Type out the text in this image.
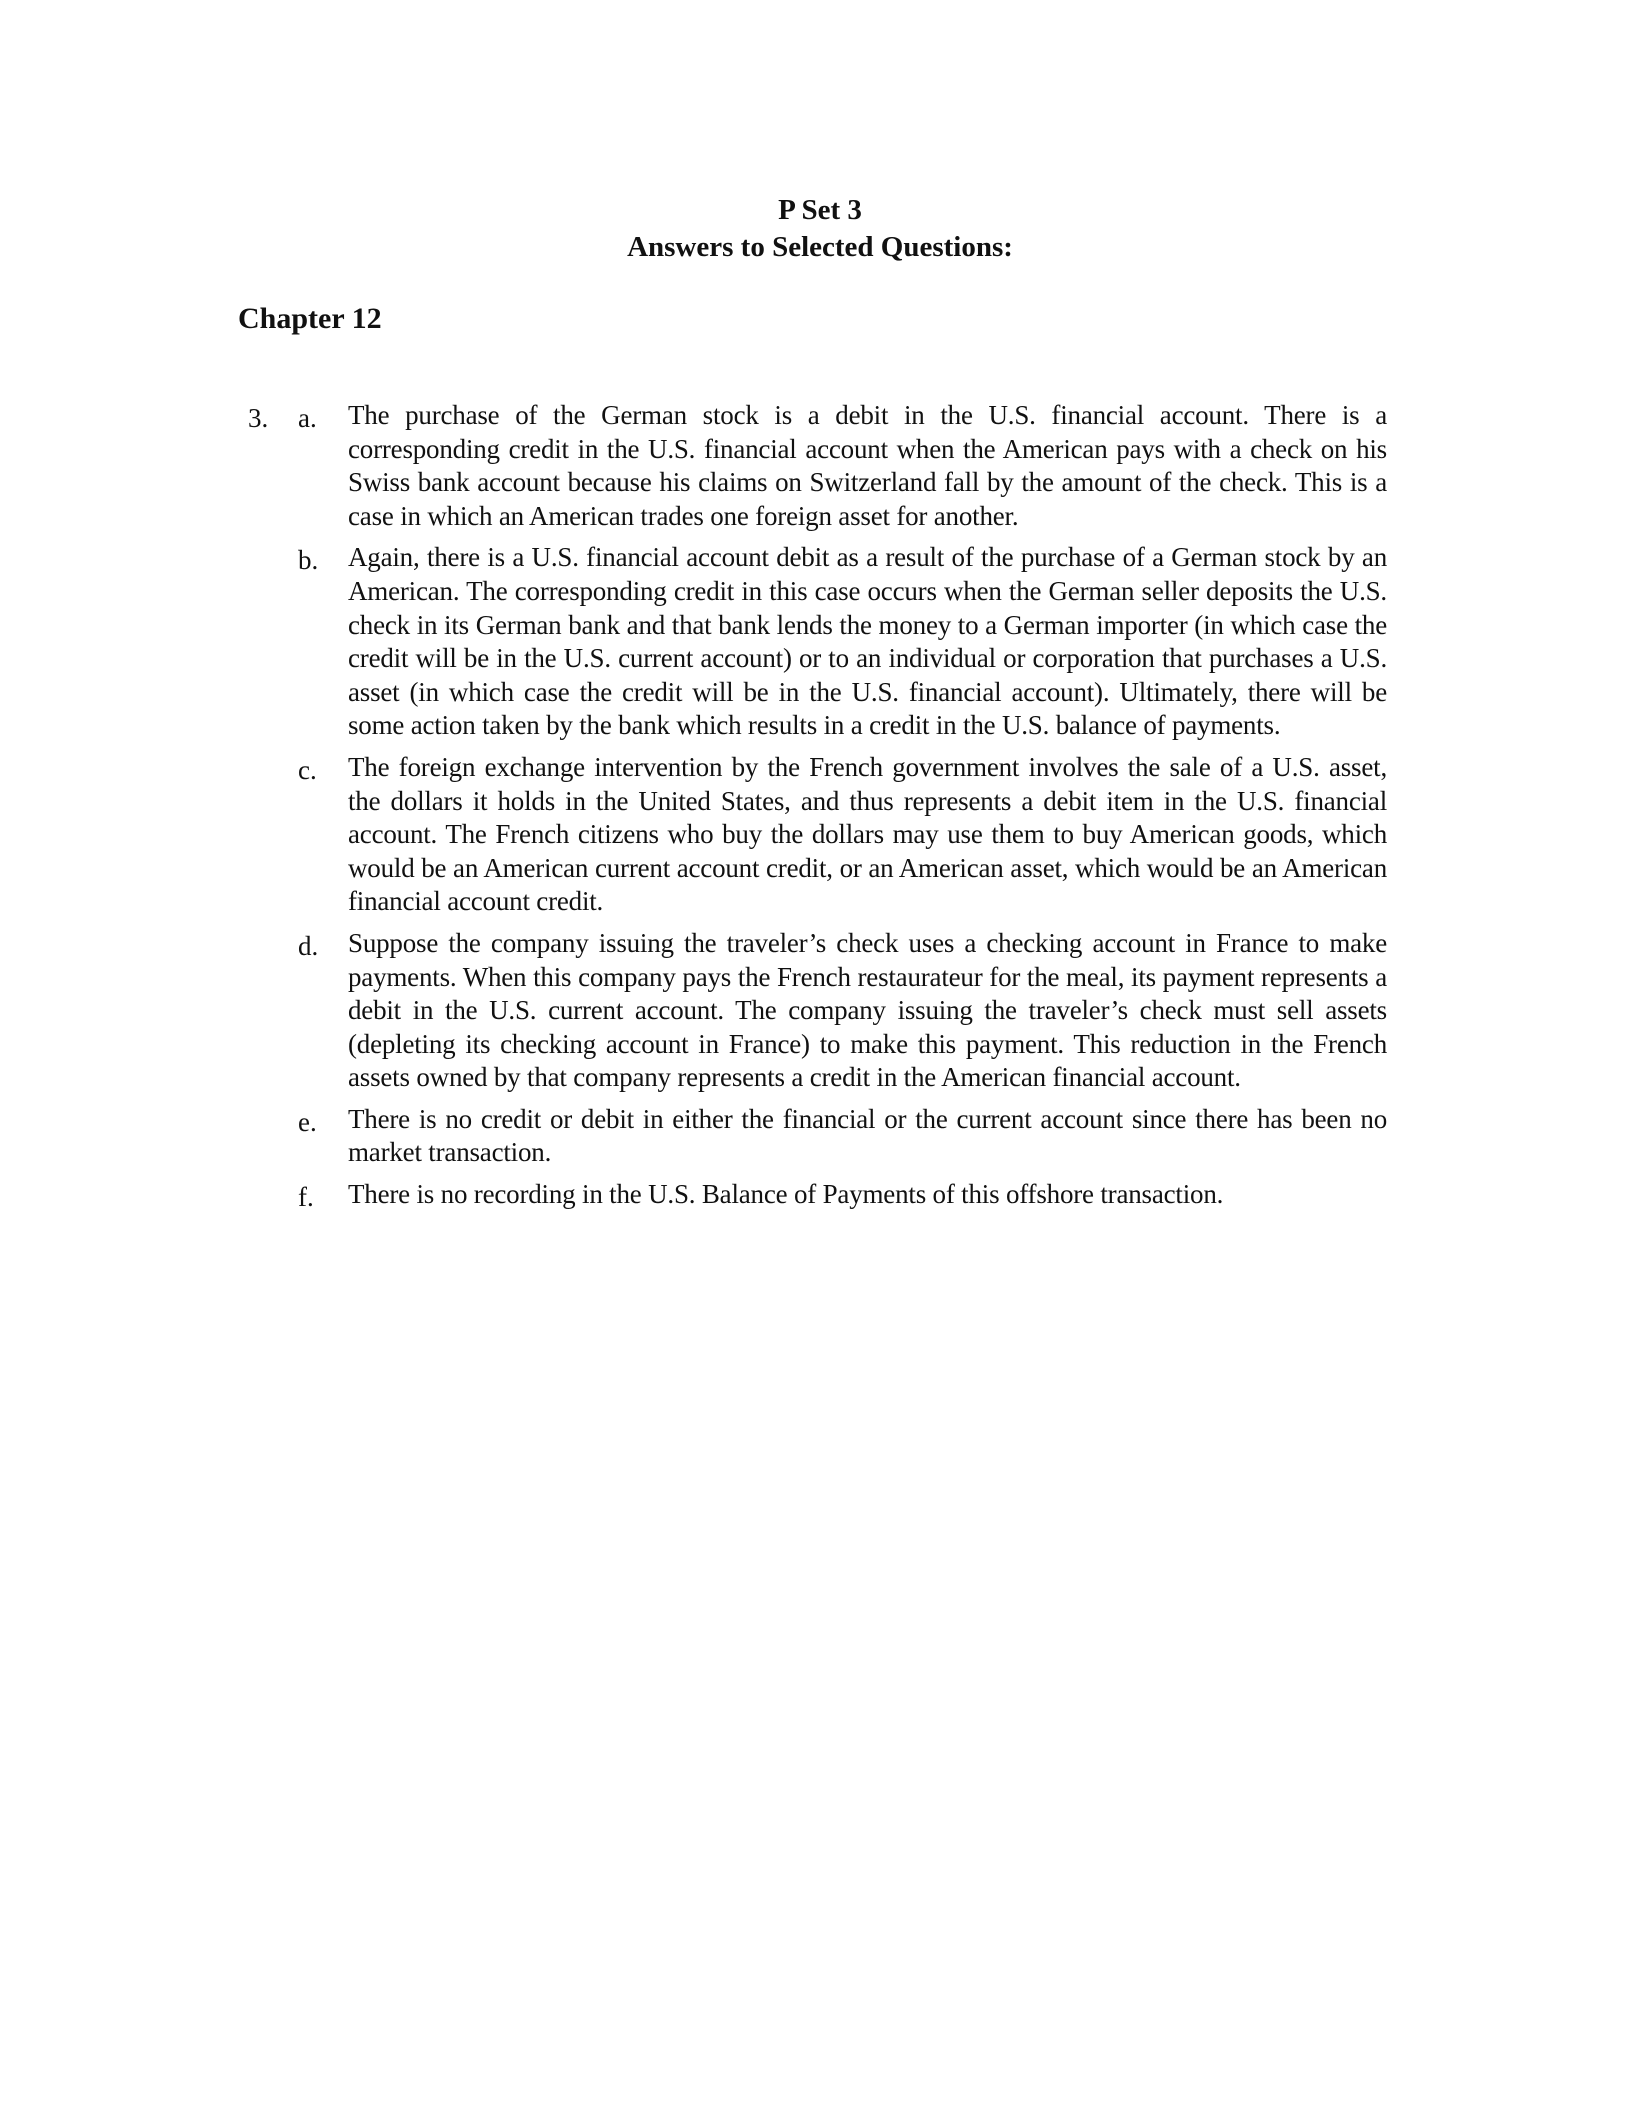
P Set 3
Answers to Selected Questions:
Chapter 12
3. a. The purchase of the German stock is a debit in the U.S. financial account. There is a corresponding credit in the U.S. financial account when the American pays with a check on his Swiss bank account because his claims on Switzerland fall by the amount of the check. This is a case in which an American trades one foreign asset for another.
b. Again, there is a U.S. financial account debit as a result of the purchase of a German stock by an American. The corresponding credit in this case occurs when the German seller deposits the U.S. check in its German bank and that bank lends the money to a German importer (in which case the credit will be in the U.S. current account) or to an individual or corporation that purchases a U.S. asset (in which case the credit will be in the U.S. financial account). Ultimately, there will be some action taken by the bank which results in a credit in the U.S. balance of payments.
c. The foreign exchange intervention by the French government involves the sale of a U.S. asset, the dollars it holds in the United States, and thus represents a debit item in the U.S. financial account. The French citizens who buy the dollars may use them to buy American goods, which would be an American current account credit, or an American asset, which would be an American financial account credit.
d. Suppose the company issuing the traveler’s check uses a checking account in France to make payments. When this company pays the French restaurateur for the meal, its payment represents a debit in the U.S. current account. The company issuing the traveler’s check must sell assets (depleting its checking account in France) to make this payment. This reduction in the French assets owned by that company represents a credit in the American financial account.
e. There is no credit or debit in either the financial or the current account since there has been no market transaction.
f. There is no recording in the U.S. Balance of Payments of this offshore transaction.
